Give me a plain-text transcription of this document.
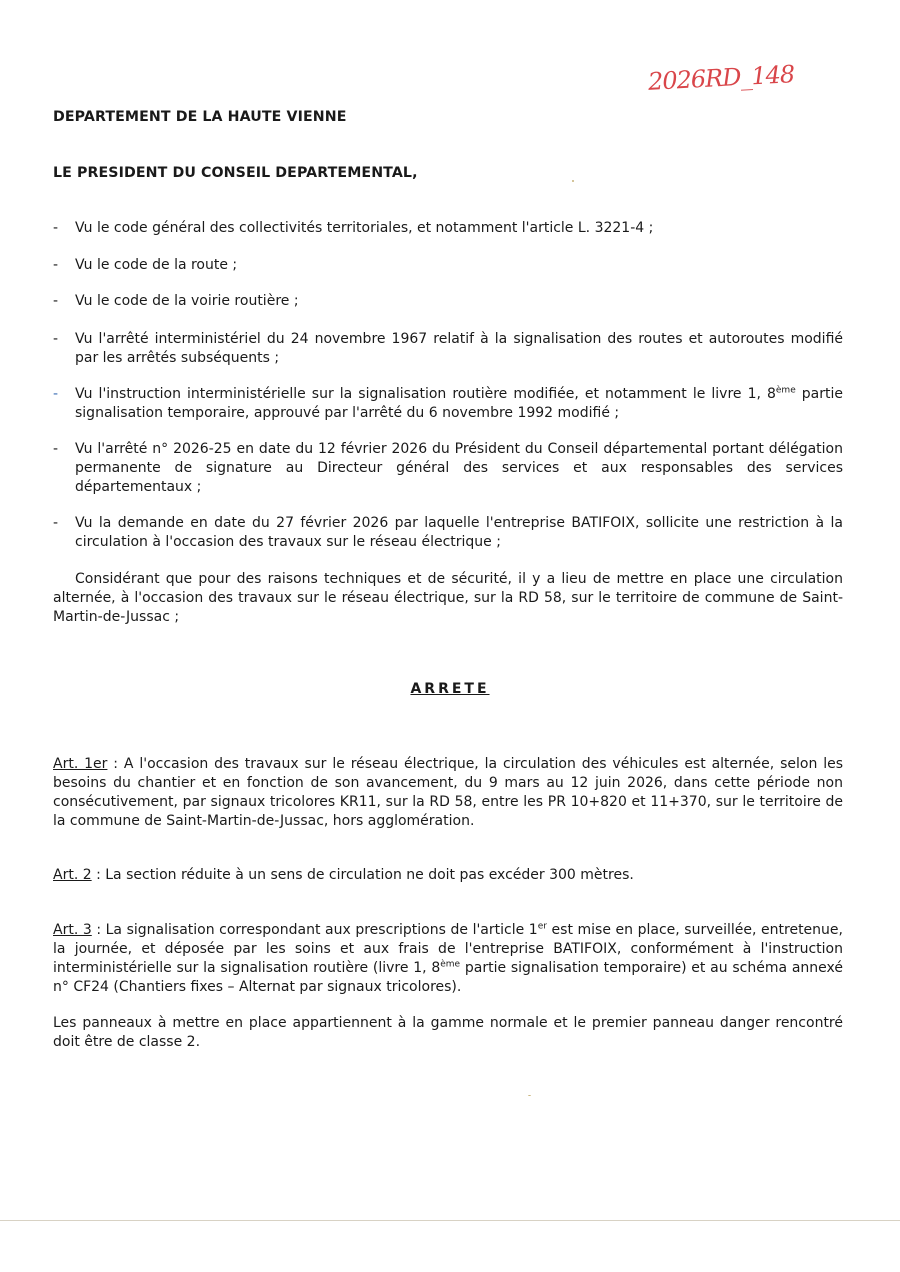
2026RD_148
DEPARTEMENT DE LA HAUTE VIENNE
LE PRESIDENT DU CONSEIL DEPARTEMENTAL,
-	Vu le code général des collectivités territoriales, et notamment l'article L. 3221-4 ;
-	Vu le code de la route ;
-	Vu le code de la voirie routière ;
-	Vu l'arrêté interministériel du 24 novembre 1967 relatif à la signalisation des routes et autoroutes modifié par les arrêtés subséquents ;
-	Vu l'instruction interministérielle sur la signalisation routière modifiée, et notamment le livre 1, 8ème partie signalisation temporaire, approuvé par l'arrêté du 6 novembre 1992 modifié ;
-	Vu l'arrêté n° 2026-25 en date du 12 février 2026 du Président du Conseil départemental portant délégation permanente de signature au Directeur général des services et aux responsables des services départementaux ;
-	Vu la demande en date du 27 février 2026 par laquelle l'entreprise BATIFOIX, sollicite une restriction à la circulation à l'occasion des travaux sur le réseau électrique ;
Considérant que pour des raisons techniques et de sécurité, il y a lieu de mettre en place une circulation alternée, à l'occasion des travaux sur le réseau électrique, sur la RD 58, sur le territoire de commune de Saint-Martin-de-Jussac ;
ARRETE
Art. 1er : A l'occasion des travaux sur le réseau électrique, la circulation des véhicules est alternée, selon les besoins du chantier et en fonction de son avancement, du 9 mars au 12 juin 2026, dans cette période non consécutivement, par signaux tricolores KR11, sur la RD 58, entre les PR 10+820 et 11+370, sur le territoire de la commune de Saint-Martin-de-Jussac, hors agglomération.
Art. 2 : La section réduite à un sens de circulation ne doit pas excéder 300 mètres.
Art. 3 : La signalisation correspondant aux prescriptions de l'article 1er est mise en place, surveillée, entretenue, la journée, et déposée par les soins et aux frais de l'entreprise BATIFOIX, conformément à l'instruction interministérielle sur la signalisation routière (livre 1, 8ème partie signalisation temporaire) et au schéma annexé n° CF24 (Chantiers fixes – Alternat par signaux tricolores).
Les panneaux à mettre en place appartiennent à la gamme normale et le premier panneau danger rencontré doit être de classe 2.
